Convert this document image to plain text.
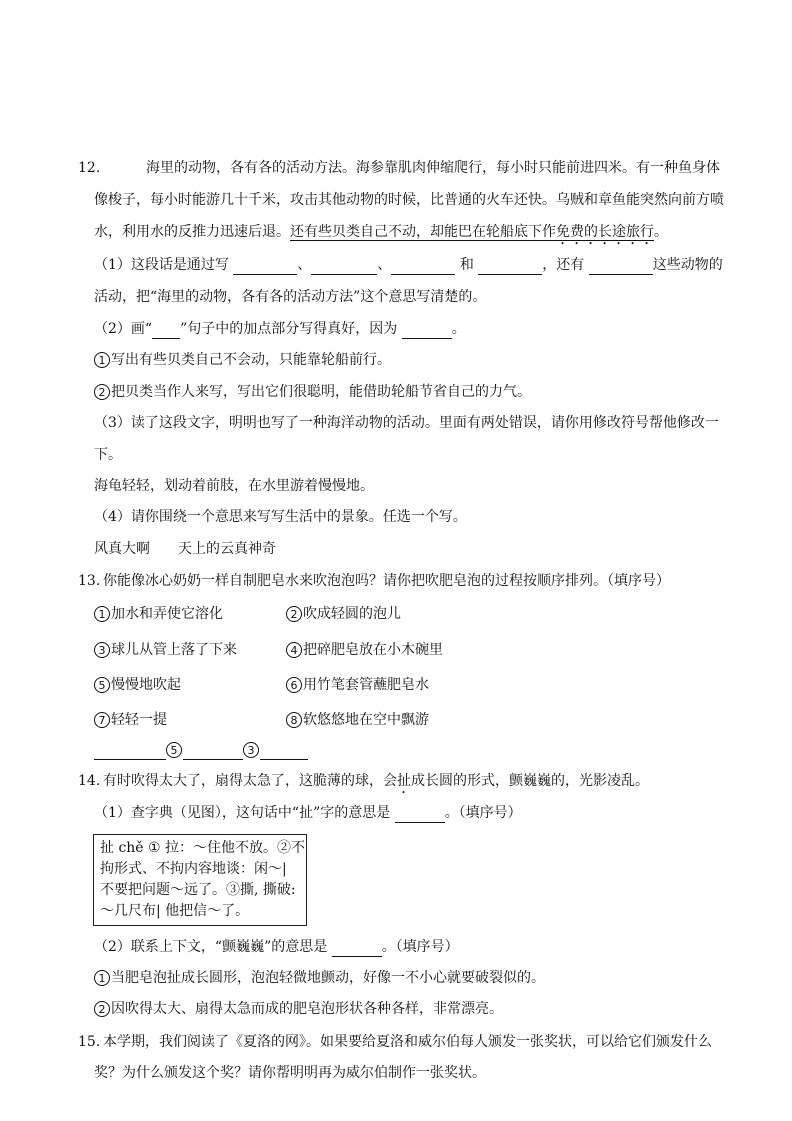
12.	海里的动物，各有各的活动方法。海参靠肌肉伸缩爬行，每小时只能前进四米。有一种鱼身体
像梭子，每小时能游几十千米，攻击其他动物的时候，比普通的火车还快。乌贼和章鱼能突然向前方喷
水，利用水的反推力迅速后退。还有些贝类自己不动，却能巴在轮船底下作免费的长途旅行。
（1）这段话是通过写	、	、	和	，还有	这些动物的
活动，把“海里的动物，各有各的活动方法”这个意思写清楚的。
（2）画“ ”句子中的加点部分写得真好，因为	。
1 写出有些贝类自己不会动，只能靠轮船前行。
2 把贝类当作人来写，写出它们很聪明，能借助轮船节省自己的力气。
（3）读了这段文字，明明也写了一种海洋动物的活动。里面有两处错误，请你用修改符号帮他修改一
下。
海龟轻轻，划动着前肢，在水里游着慢慢地。
（4）请你围绕一个意思来写写生活中的景象。任选一个写。
风真大啊　　天上的云真神奇
13. 你能像冰心奶奶一样自制肥皂水来吹泡泡吗？请你把吹肥皂泡的过程按顺序排列。（填序号）
1 加水和弄使它溶化	2 吹成轻圆的泡儿
3 球儿从管上落了下来	4 把碎肥皂放在小木碗里
5 慢慢地吹起	6 用竹笔套管蘸肥皂水
7 轻轻一提	8 软悠悠地在空中飘游
5	3
14. 有时吹得太大了，扇得太急了，这脆薄的球，会扯成长圆的形式，颤巍巍的，光影凌乱。
（1）查字典（见图），这句话中“扯”字的意思是	。（填序号）
扯 chě ① 拉：～住他不放。②不
拘形式、不拘内容地谈：闲～|
不要把问题～远了。③撕, 撕破:
～几尺布| 他把信～了。
（2）联系上下文，“颤巍巍”的意思是	。（填序号）
1 当肥皂泡扯成长圆形，泡泡轻微地颤动，好像一不小心就要破裂似的。
2 因吹得太大、扇得太急而成的肥皂泡形状各种各样，非常漂亮。
15. 本学期，我们阅读了《夏洛的网》。如果要给夏洛和威尔伯每人颁发一张奖状，可以给它们颁发什么
奖？为什么颁发这个奖？请你帮明明再为威尔伯制作一张奖状。
